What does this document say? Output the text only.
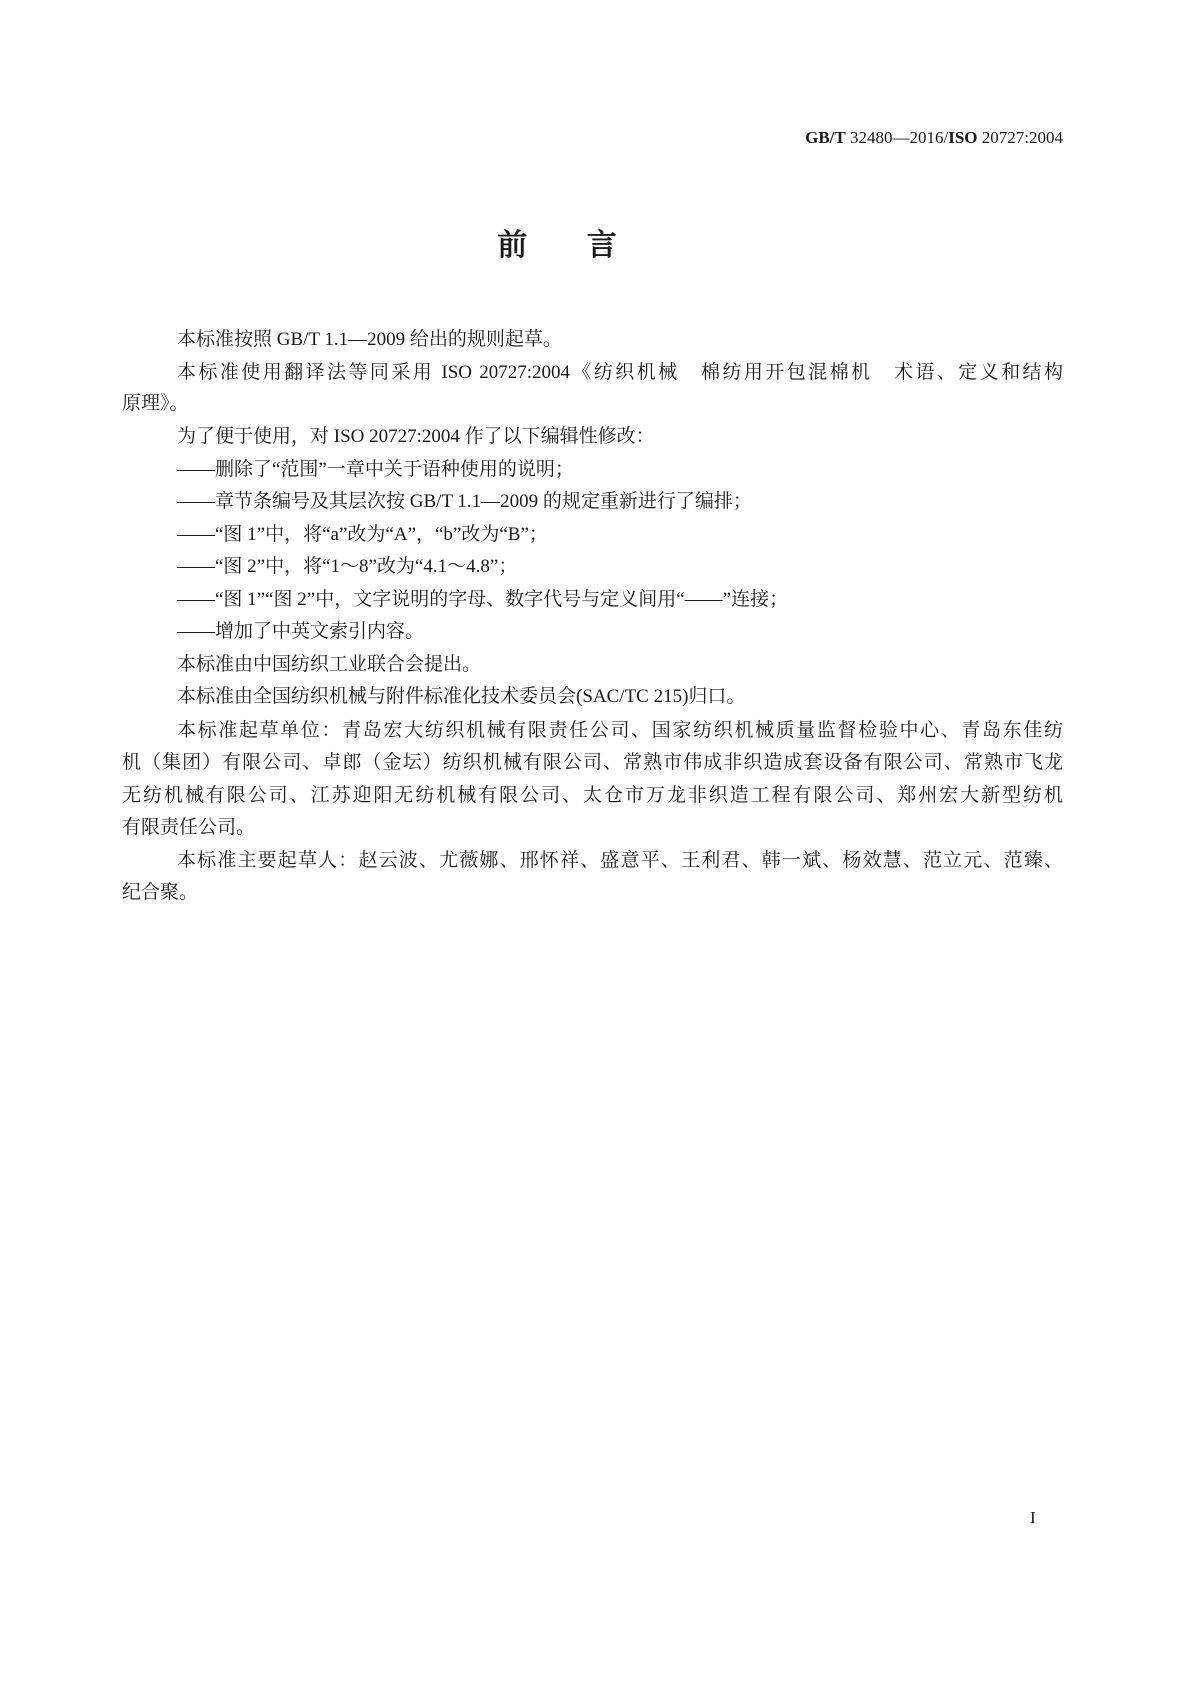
GB/T 32480—2016/ISO 20727:2004
前 言
本标准按照 GB/T 1.1—2009 给出的规则起草。
本标准使用翻译法等同采用 ISO 20727:2004《纺织机械　棉纺用开包混棉机　术语、定义和结构
原理》。
为了便于使用，对 ISO 20727:2004 作了以下编辑性修改：
——删除了“范围”一章中关于语种使用的说明；
——章节条编号及其层次按 GB/T 1.1—2009 的规定重新进行了编排；
——“图 1”中，将“a”改为“A”，“b”改为“B”；
——“图 2”中，将“1～8”改为“4.1～4.8”；
——“图 1”“图 2”中，文字说明的字母、数字代号与定义间用“——”连接；
——增加了中英文索引内容。
本标准由中国纺织工业联合会提出。
本标准由全国纺织机械与附件标准化技术委员会(SAC/TC 215)归口。
本标准起草单位：青岛宏大纺织机械有限责任公司、国家纺织机械质量监督检验中心、青岛东佳纺
机（集团）有限公司、卓郎（金坛）纺织机械有限公司、常熟市伟成非织造成套设备有限公司、常熟市飞龙
无纺机械有限公司、江苏迎阳无纺机械有限公司、太仓市万龙非织造工程有限公司、郑州宏大新型纺机
有限责任公司。
本标准主要起草人：赵云波、尤薇娜、邢怀祥、盛意平、王利君、韩一斌、杨效慧、范立元、范臻、
纪合聚。
I
